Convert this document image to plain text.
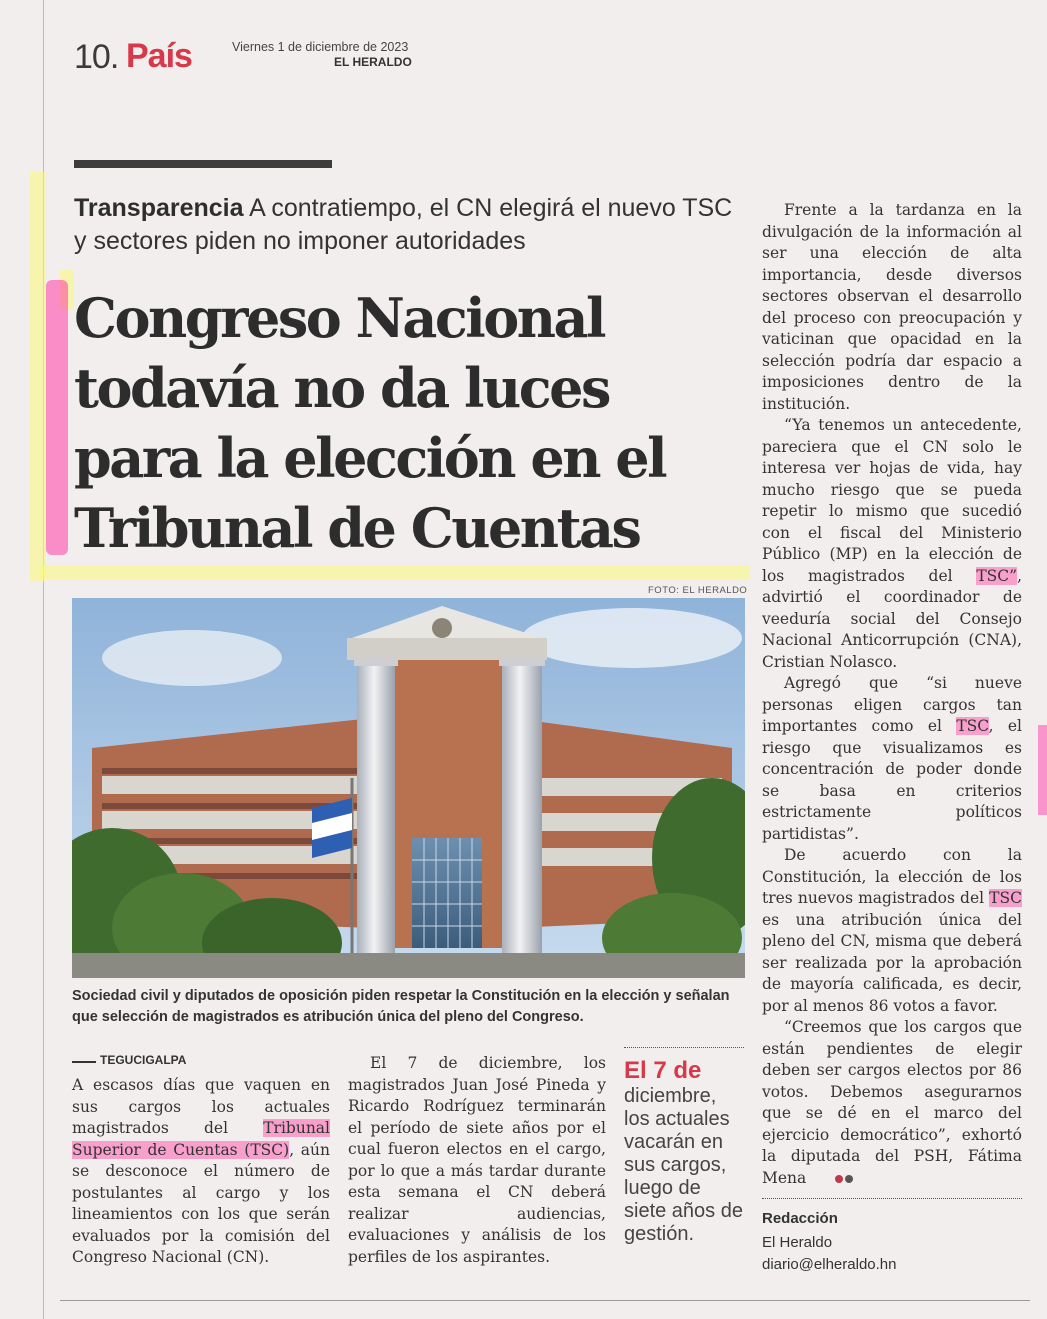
10. País	Viernes 1 de diciembre de 2023
EL HERALDO
Transparencia A contratiempo, el CN elegirá el nuevo TSC y sectores piden no imponer autoridades
Congreso Nacional
todavía no da luces
para la elección en el
Tribunal de Cuentas
FOTO: EL HERALDO
Sociedad civil y diputados de oposición piden respetar la Constitución en la elección y señalan que selección de magistrados es atribución única del pleno del Congreso.
TEGUCIGALPA
A escasos días que vaquen en sus cargos los actuales magistrados del Tribunal Superior de Cuentas (TSC), aún se desconoce el número de postulantes al cargo y los lineamientos con los que serán evaluados por la comisión del Congreso Nacional (CN).

El 7 de diciembre, los magistrados Juan José Pineda y Ricardo Rodríguez terminarán el período de siete años por el cual fueron electos en el cargo, por lo que a más tardar durante esta semana el CN deberá realizar audiencias, evaluaciones y análisis de los perfiles de los aspirantes.

El 7 de
diciembre, los actuales vacarán en sus cargos, luego de siete años de gestión.

Frente a la tardanza en la divulgación de la información al ser una elección de alta importancia, desde diversos sectores observan el desarrollo del proceso con preocupación y vaticinan que opacidad en la selección podría dar espacio a imposiciones dentro de la institución.

“Ya tenemos un antecedente, pareciera que el CN solo le interesa ver hojas de vida, hay mucho riesgo que se pueda repetir lo mismo que sucedió con el fiscal del Ministerio Público (MP) en la elección de los magistrados del TSC”, advirtió el coordinador de veeduría social del Consejo Nacional Anticorrupción (CNA), Cristian Nolasco.

Agregó que “si nueve personas eligen cargos tan importantes como el TSC, el riesgo que visualizamos es concentración de poder donde se basa en criterios estrictamente políticos partidistas”.

De acuerdo con la Constitución, la elección de los tres nuevos magistrados del TSC es una atribución única del pleno del CN, misma que deberá ser realizada por la aprobación de mayoría calificada, es decir, por al menos 86 votos a favor.

“Creemos que los cargos que están pendientes de elegir deben ser cargos electos por 86 votos. Debemos asegurarnos que se dé en el marco del ejercicio democrático”, exhortó la diputada del PSH, Fátima Mena

Redacción
El Heraldo
diario@elheraldo.hn
